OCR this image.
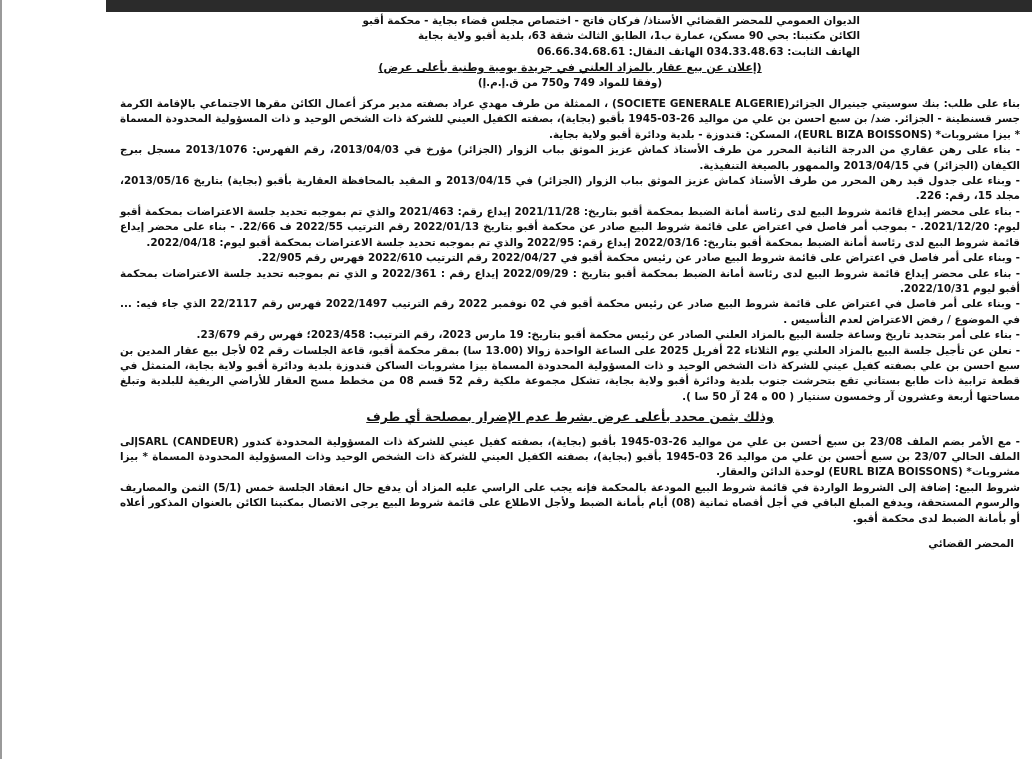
الديوان العمومي للمحضر القضائي الأستاذ/ فركان فاتح - اختصاص مجلس قضاء بجاية - محكمة أقبو
الكائن مكتبنا: بحي 90 مسكن، عمارة ب1، الطابق الثالث شقة 63، بلدية أقبو ولاية بجاية
الهاتف الثابت: 034.33.48.63 الهاتف النقال: 06.66.34.68.61
(إعلان عن بيع عقار بالمزاد العلني في جريدة يومية وطنية بأعلى عرض)
(وفقا للمواد 749 و750 من ق.إ.م.إ)

بناء على طلب: بنك سوسيتي جينيرال الجزائر(SOCIETE GENERALE ALGERIE) ، الممثلة من طرف مهدي عراد بصفته مدير مركز أعمال الكائن مقرها الاجتماعي بالإقامة الكرمة جسر قسنطينة - الجزائر. ضد/ بن سبع احسن بن علي من مواليد 26-03-1945 بأقبو (بجاية)، بصفته الكفيل العيني للشركة ذات الشخص الوحيد و ذات المسؤولية المحدودة المسماة * بيزا مشروبات* (EURL BIZA BOISSONS)، المسكن: قندوزة - بلدية ودائرة أقبو ولاية بجاية.

- بناء على رهن عقاري من الدرجة الثانية المحرر من طرف الأستاذ كماش عزيز الموثق بباب الزوار (الجزائر) مؤرخ في 2013/04/03، رقم الفهرس: 2013/1076 مسجل ببرج الكيفان (الجزائر) في 2013/04/15 والممهور بالصيغة التنفيذية.

- وبناء على جدول قيد رهن المحرر من طرف الأستاذ كماش عزيز الموثق بباب الزوار (الجزائر) في 2013/04/15 و المقيد بالمحافظة العقارية بأقبو (بجاية) بتاريخ 2013/05/16، مجلد 15، رقم: 226.

- بناء على محضر إيداع قائمة شروط البيع لدى رئاسة أمانة الضبط بمحكمة أقبو بتاريخ: 2021/11/28 إيداع رقم: 2021/463 والذي تم بموجبه تحديد جلسة الاعتراضات بمحكمة أقبو ليوم: 2021/12/20. - بموجب أمر فاصل في اعتراض على قائمة شروط البيع صادر عن محكمة أقبو بتاريخ 2022/01/13 رقم الترتيب 2022/55 ف 22/66. - بناء على محضر إيداع قائمة شروط البيع لدى رئاسة أمانة الضبط بمحكمة أقبو بتاريخ: 2022/03/16 إيداع رقم: 2022/95 والذي تم بموجبه تحديد جلسة الاعتراضات بمحكمة أقبو ليوم: 2022/04/18.

- وبناء على أمر فاصل في اعتراض على قائمة شروط البيع صادر عن رئيس محكمة أقبو في 2022/04/27 رقم الترتيب 2022/610 فهرس رقم 22/905.

- بناء على محضر إيداع قائمة شروط البيع لدى رئاسة أمانة الضبط بمحكمة أقبو بتاريخ : 2022/09/29 إيداع رقم : 2022/361 و الذي تم بموجبه تحديد جلسة الاعتراضات بمحكمة أقبو ليوم 2022/10/31.

- وبناء على أمر فاصل في اعتراض على قائمة شروط البيع صادر عن رئيس محكمة أقبو في 02 نوفمبر 2022 رقم الترتيب 2022/1497 فهرس رقم 22/2117 الذي جاء فيه: ... في الموضوع / رفض الاعتراض لعدم التأسيس .

- بناء على أمر بتحديد تاريخ وساعة جلسة البيع بالمزاد العلني الصادر عن رئيس محكمة أقبو بتاريخ: 19 مارس 2023، رقم الترتيب: 2023/458؛ فهرس رقم 23/679.

- نعلن عن تأجيل جلسة البيع بالمزاد العلني يوم الثلاثاء 22 أفريل 2025 على الساعة الواحدة زوالا (13.00 سا) بمقر محكمة أقبو، قاعة الجلسات رقم 02 لأجل بيع عقار المدين بن سبع احسن بن علي بصفته كفيل عيني للشركة ذات الشخص الوحيد و ذات المسؤولية المحدودة المسماة بيزا مشروبات الساكن قندوزة بلدية ودائرة أقبو ولاية بجاية، المتمثل في قطعة ترابية ذات طابع بستاني تقع بتحرشت جنوب بلدية ودائرة أقبو ولاية بجاية، تشكل مجموعة ملكية رقم 52 قسم 08 من مخطط مسح العقار للأراضي الريفية للبلدية وتبلغ مساحتها أربعة وعشرون آر وخمسون سنتيار ( 00 ه 24 آر 50 سا ).

وذلك بثمن محدد بأعلى عرض بشرط عدم الإضرار بمصلحة أي طرف

- مع الأمر بضم الملف 23/08 بن سبع أحسن بن علي من مواليد 26-03-1945 بأقبو (بجاية)، بصفته كفيل عيني للشركة ذات المسؤولية المحدودة كندور SARL (CANDEUR)إلى الملف الحالي 23/07 بن سبع أحسن بن علي من مواليد 26 03-1945 بأقبو (بجاية)، بصفته الكفيل العيني للشركة ذات الشخص الوحيد وذات المسؤولية المحدودة المسماة * بيزا مشروبات* (EURL BIZA BOISSONS) لوحدة الدائن والعقار.

شروط البيع: إضافة إلى الشروط الواردة في قائمة شروط البيع المودعة بالمحكمة فإنه يجب على الراسي عليه المزاد أن يدفع حال انعقاد الجلسة خمس (5/1) الثمن والمصاريف والرسوم المستحقة، ويدفع المبلغ الباقي في أجل أقصاه ثمانية (08) أيام بأمانة الضبط ولأجل الاطلاع على قائمة شروط البيع يرجى الاتصال بمكتبنا الكائن بالعنوان المذكور أعلاه أو بأمانة الضبط لدى محكمة أقبو.

المحضر القضائي
